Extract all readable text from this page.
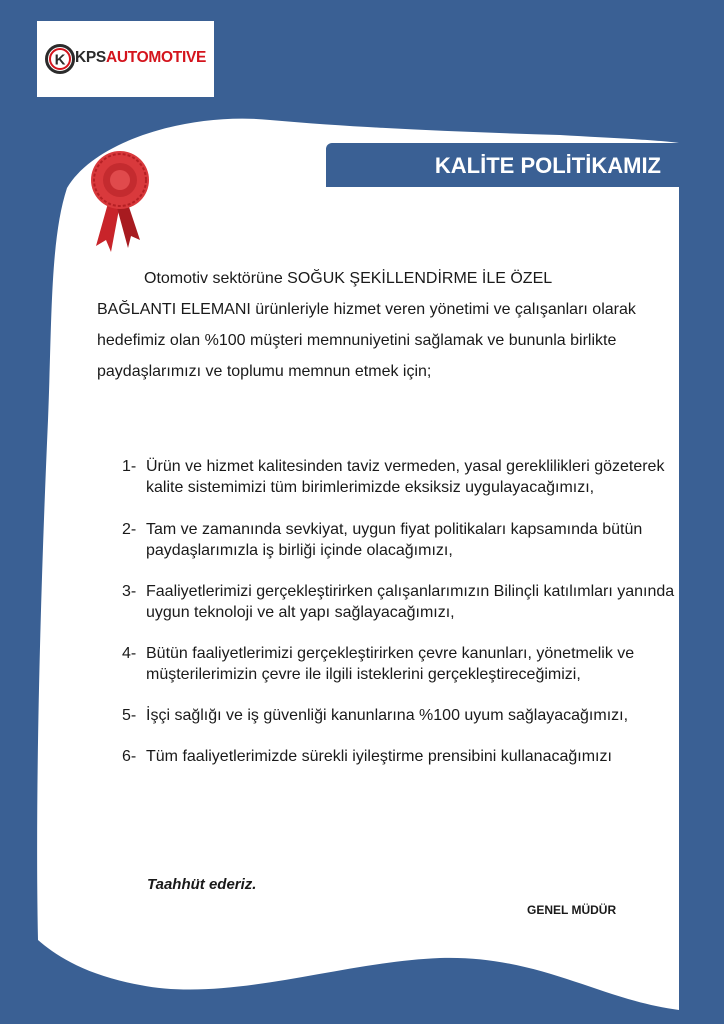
K KPSAUTOMOTIVE
KALİTE POLİTİKAMIZ
Otomotiv sektörüne SOĞUK ŞEKİLLENDİRME İLE ÖZEL
BAĞLANTI ELEMANI ürünleriyle hizmet veren yönetimi ve çalışanları olarak hedefimiz olan %100 müşteri memnuniyetini sağlamak ve bununla birlikte paydaşlarımızı ve toplumu memnun etmek için;
1- Ürün ve hizmet kalitesinden taviz vermeden, yasal gereklilikleri gözeterek kalite sistemimizi tüm birimlerimizde eksiksiz uygulayacağımızı,
2- Tam ve zamanında sevkiyat, uygun fiyat politikaları kapsamında bütün paydaşlarımızla iş birliği içinde olacağımızı,
3- Faaliyetlerimizi gerçekleştirirken çalışanlarımızın Bilinçli katılımları yanında uygun teknoloji ve alt yapı sağlayacağımızı,
4- Bütün faaliyetlerimizi gerçekleştirirken çevre kanunları, yönetmelik ve müşterilerimizin çevre ile ilgili isteklerini gerçekleştireceğimizi,
5- İşçi sağlığı ve iş güvenliği kanunlarına %100 uyum sağlayacağımızı,
6- Tüm faaliyetlerimizde sürekli iyileştirme prensibini kullanacağımızı
Taahhüt ederiz.
GENEL MÜDÜR
